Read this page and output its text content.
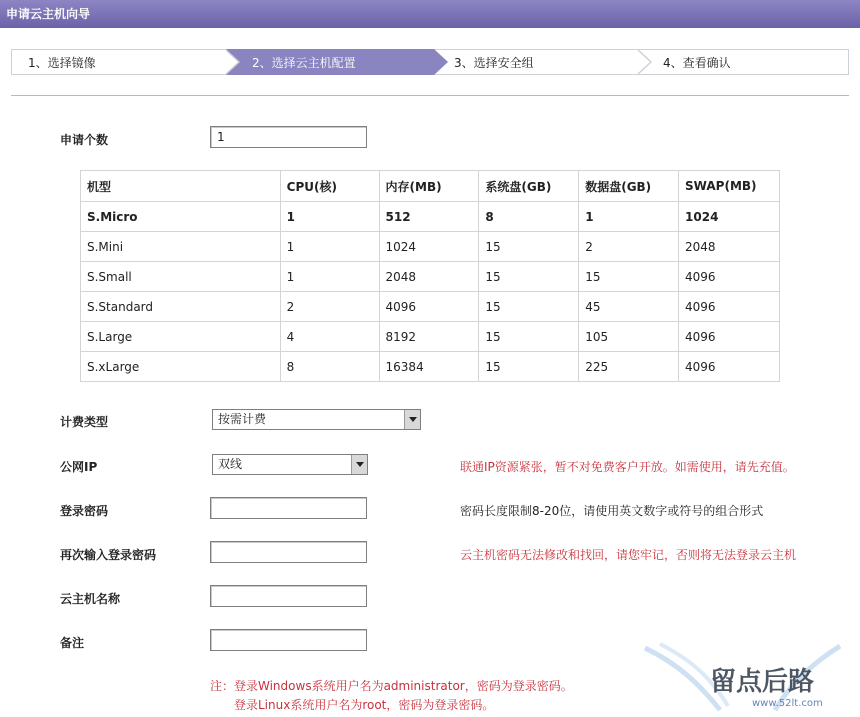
申请云主机向导
1、选择镜像	2、选择云主机配置	3、选择安全组	4、查看确认
申请个数	1
机型	CPU(核)	内存(MB)	系统盘(GB)	数据盘(GB)	SWAP(MB)
S.Micro	1	512	8	1	1024
S.Mini	1	1024	15	2	2048
S.Small	1	2048	15	15	4096
S.Standard	2	4096	15	45	4096
S.Large	4	8192	15	105	4096
S.xLarge	8	16384	15	225	4096
计费类型	按需计费
公网IP	双线	联通IP资源紧张，暂不对免费客户开放。如需使用，请先充值。
登录密码	密码长度限制8-20位，请使用英文数字或符号的组合形式
再次输入登录密码	云主机密码无法修改和找回，请您牢记，否则将无法登录云主机
云主机名称
备注
注：登录Windows系统用户名为administrator，密码为登录密码。
登录Linux系统用户名为root，密码为登录密码。
留点后路
www.52lt.com
